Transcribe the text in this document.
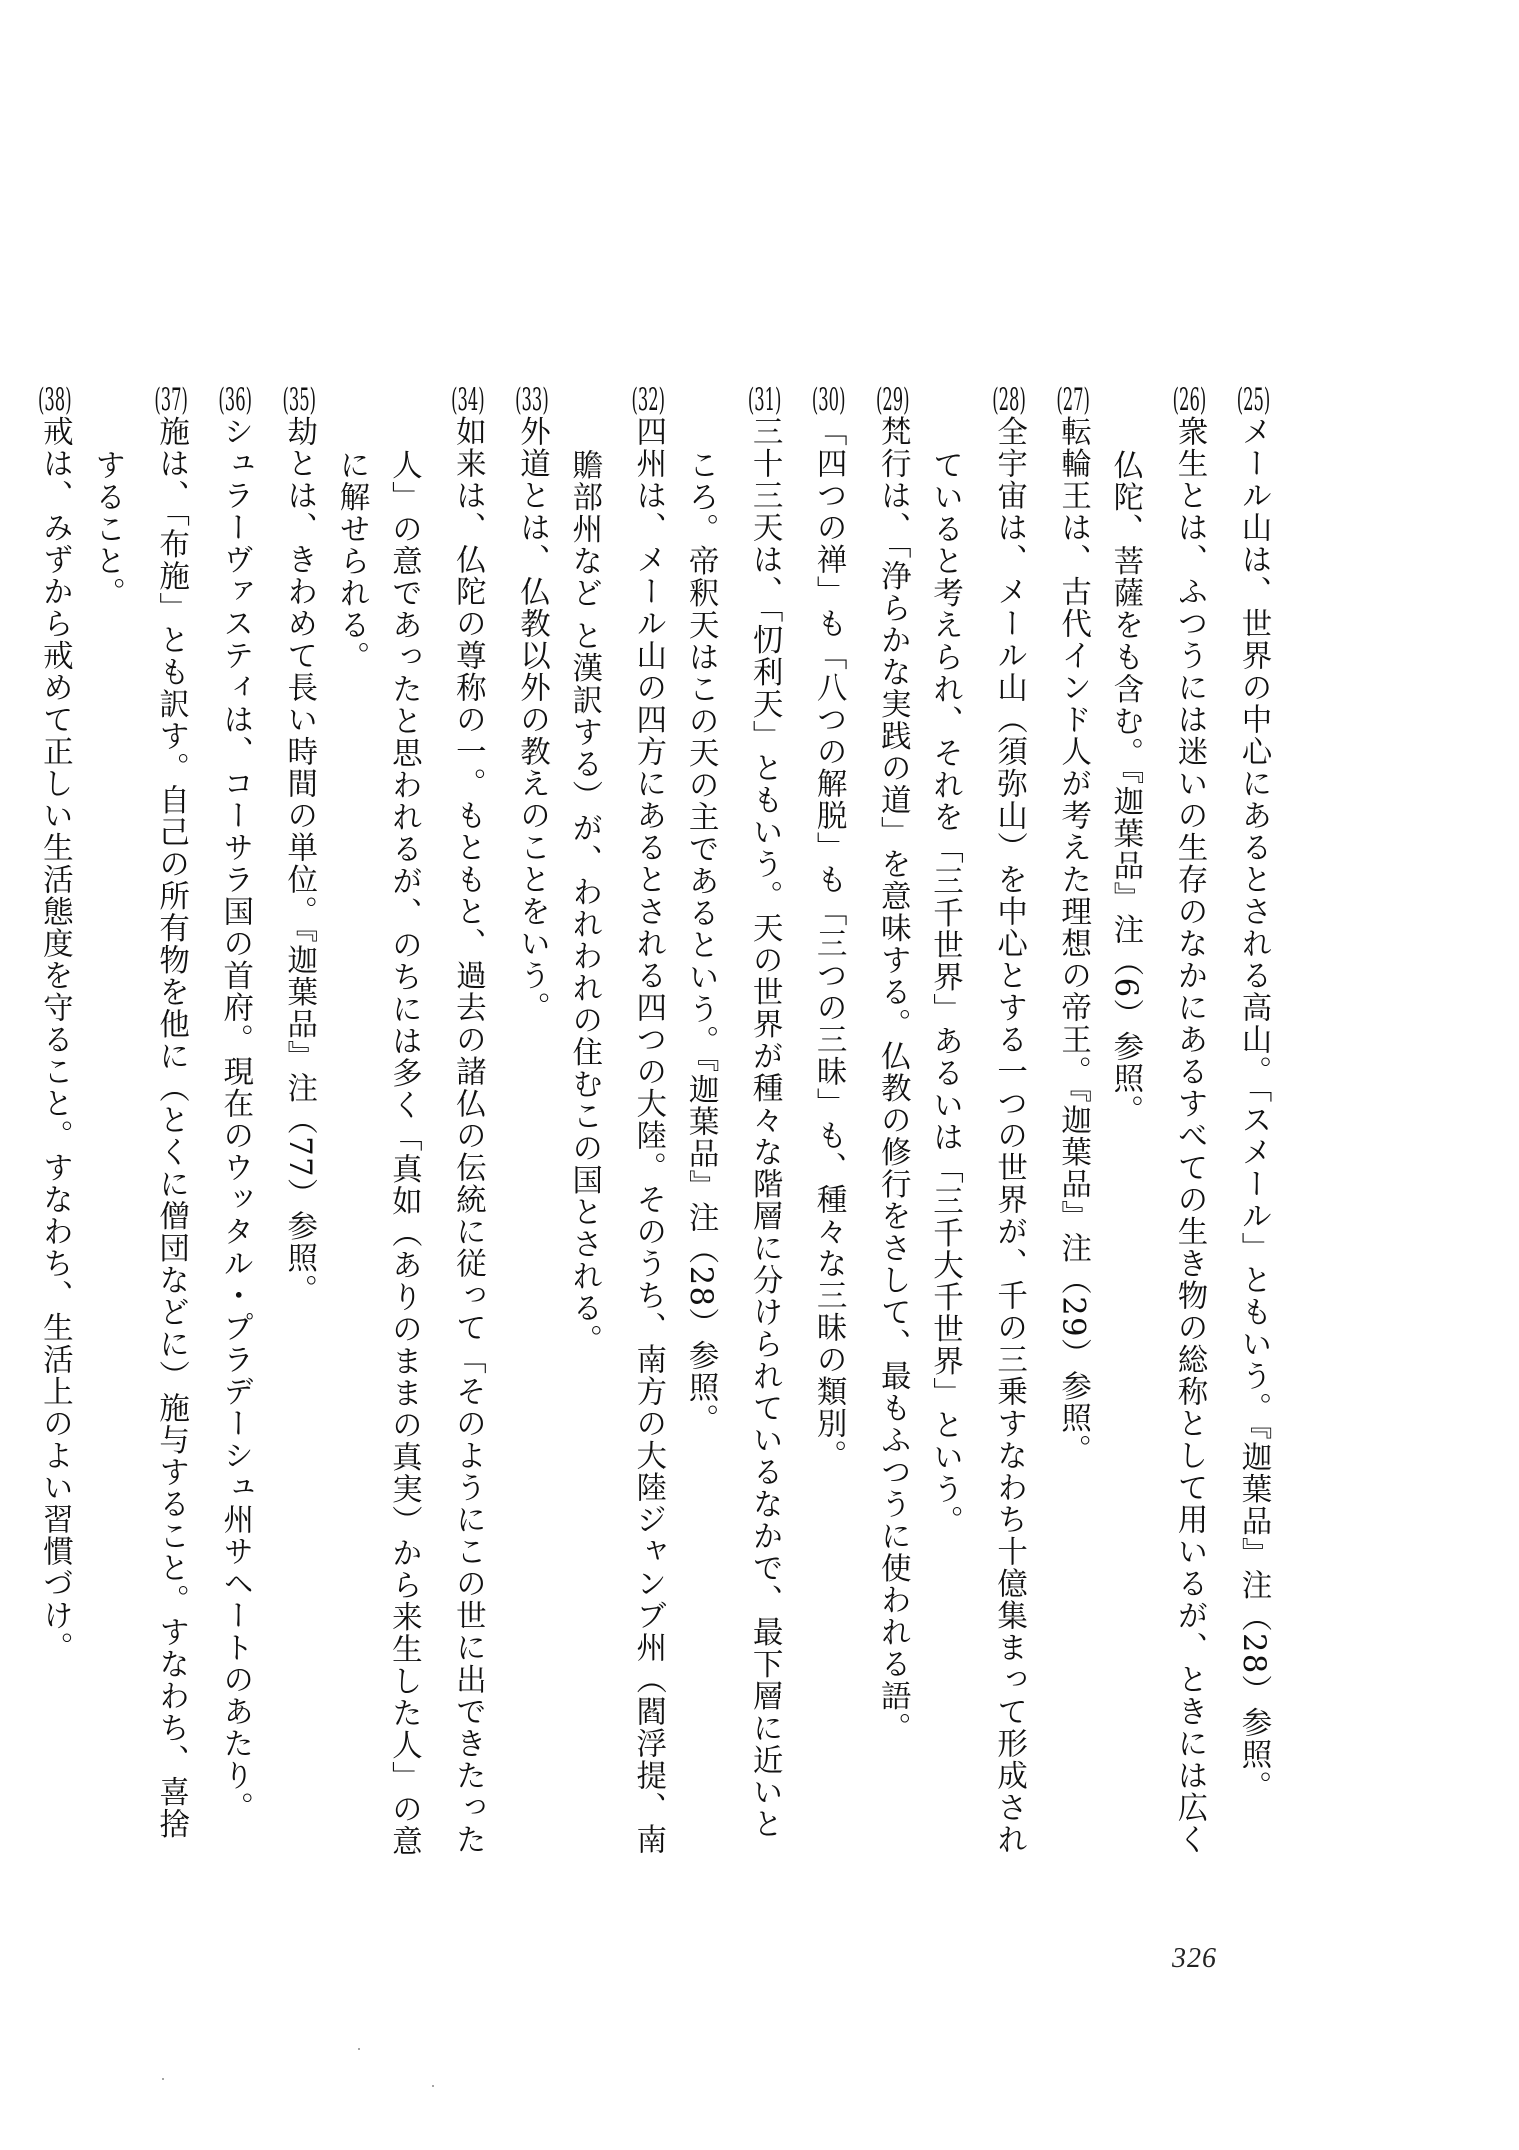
(25)メール山は、世界の中心にあるとされる高山。「スメール」ともいう。『迦葉品』注（28）参照。

(26)衆生とは、ふつうには迷いの生存のなかにあるすべての生き物の総称として用いるが、ときには広く仏陀、菩薩をも含む。『迦葉品』注（6）参照。

(27)転輪王は、古代インド人が考えた理想の帝王。『迦葉品』注（29）参照。

(28)全宇宙は、メール山（須弥山）を中心とする一つの世界が、千の三乗すなわち十億集まって形成されていると考えられ、それを「三千世界」あるいは「三千大千世界」という。

(29)梵行は、「浄らかな実践の道」を意味する。仏教の修行をさして、最もふつうに使われる語。

(30)「四つの禅」も「八つの解脱」も「三つの三昧」も、種々な三昧の類別。

(31)三十三天は、「忉利天」ともいう。天の世界が種々な階層に分けられているなかで、最下層に近いところ。帝釈天はこの天の主であるという。『迦葉品』注（28）参照。

(32)四州は、メール山の四方にあるとされる四つの大陸。そのうち、南方の大陸ジャンブ州（閻浮提、南贍部州など と漢訳する）が、われわれの住むこの国とされる。

(33)外道とは、仏教以外の教えのことをいう。

(34)如来は、仏陀の尊称の一。もともと、過去の諸仏の伝統に従って「そのようにこの世に出できたった人」の意であったと思われるが、のちには多く「真如（ありのままの真実）から来生した人」の意に解せられる。

(35)劫とは、きわめて長い時間の単位。『迦葉品』注（77）参照。

(36)シュラーヴァスティは、コーサラ国の首府。現在のウッタル・プラデーシュ州サヘートのあたり。

(37)施は、「布施」とも訳す。自己の所有物を他に（とくに僧団などに）施与すること。すなわち、喜捨すること。

(38)戒は、みずから戒めて正しい生活態度を守ること。すなわち、生活上のよい習慣づけ。

326
